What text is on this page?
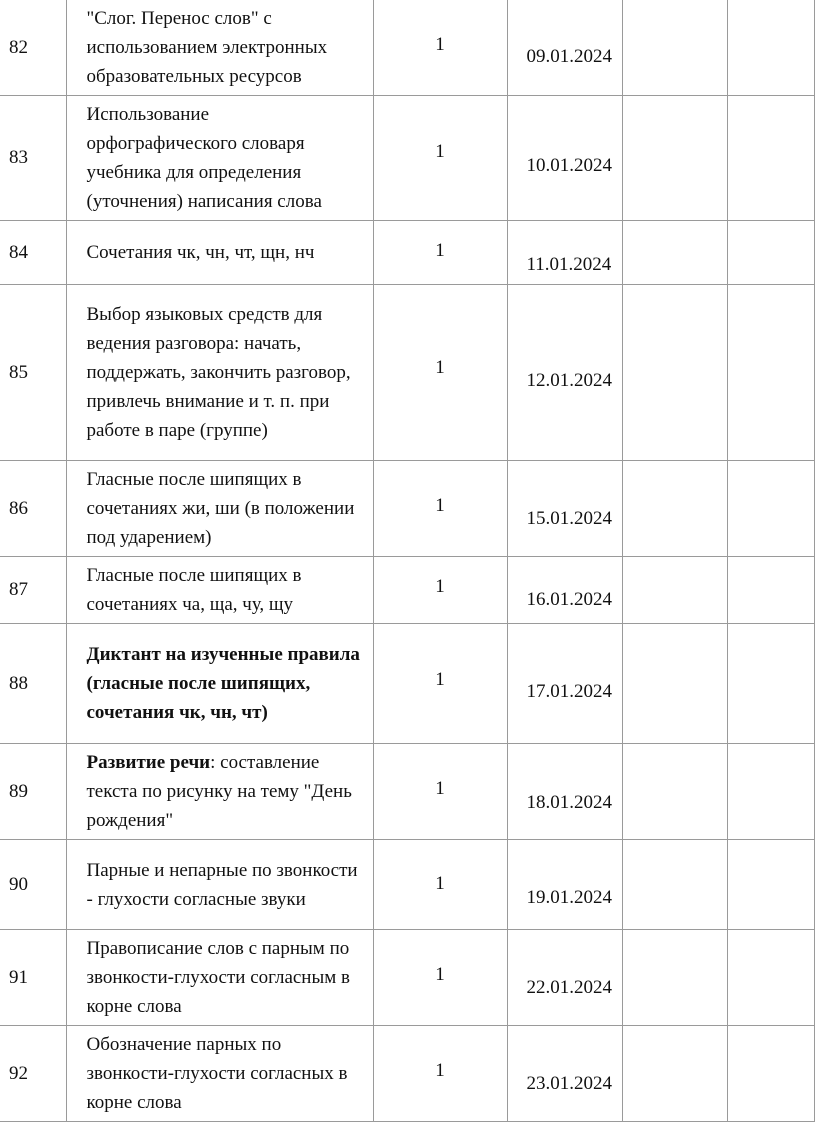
82	"Слог. Перенос слов" с использованием электронных образовательных ресурсов	1	09.01.2024		

83	Использование орфографического словаря учебника для определения (уточнения) написания слова	1	10.01.2024		

84	Сочетания чк, чн, чт, щн, нч	1	11.01.2024		

85	Выбор языковых средств для ведения разговора: начать, поддержать, закончить разговор, привлечь внимание и т. п. при работе в паре (группе)	1	12.01.2024		

86	Гласные после шипящих в сочетаниях жи, ши (в положении под ударением)	1	15.01.2024		

87	Гласные после шипящих в сочетаниях ча, ща, чу, щу	1	16.01.2024		

88	Диктант на изученные правила (гласные после шипящих, сочетания чк, чн, чт)	1	17.01.2024		

89	Развитие речи: составление текста по рисунку на тему "День рождения"	1	18.01.2024		

90	Парные и непарные по звонкости - глухости согласные звуки	1	19.01.2024		

91	Правописание слов с парным по звонкости-глухости согласным в корне слова	1	22.01.2024		

92	Обозначение парных по звонкости-глухости согласных в корне слова	1	23.01.2024		
